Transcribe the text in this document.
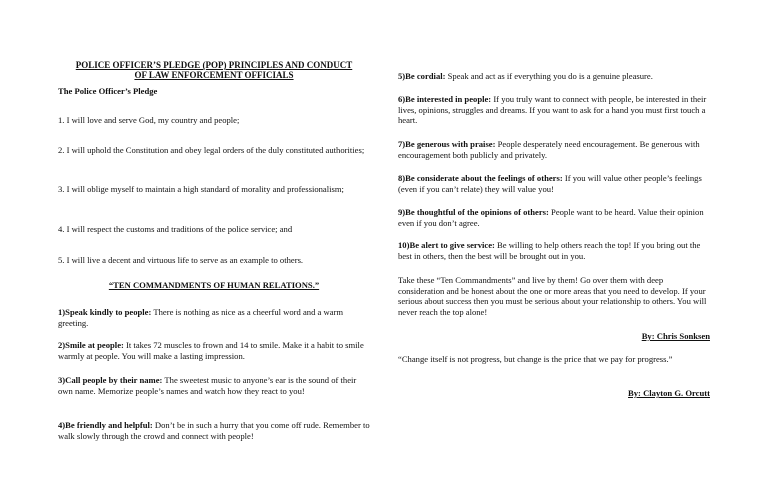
POLICE OFFICER’S PLEDGE (POP) PRINCIPLES AND CONDUCT
OF LAW ENFORCEMENT OFFICIALS
The Police Officer’s Pledge
1. I will love and serve God, my country and people;
2. I will uphold the Constitution and obey legal orders of the duly constituted authorities;
3. I will oblige myself to maintain a high standard of morality and professionalism;
4. I will respect the customs and traditions of the police service; and
5. I will live a decent and virtuous life to serve as an example to others.
“TEN COMMANDMENTS OF HUMAN RELATIONS.”
1)Speak kindly to people: There is nothing as nice as a cheerful word and a warm greeting.
2)Smile at people: It takes 72 muscles to frown and 14 to smile. Make it a habit to smile warmly at people. You will make a lasting impression.
3)Call people by their name: The sweetest music to anyone’s ear is the sound of their own name. Memorize people’s names and watch how they react to you!
4)Be friendly and helpful: Don’t be in such a hurry that you come off rude. Remember to walk slowly through the crowd and connect with people!
5)Be cordial: Speak and act as if everything you do is a genuine pleasure.
6)Be interested in people: If you truly want to connect with people, be interested in their lives, opinions, struggles and dreams. If you want to ask for a hand you must first touch a heart.
7)Be generous with praise: People desperately need encouragement. Be generous with encouragement both publicly and privately.
8)Be considerate about the feelings of others: If you will value other people’s feelings (even if you can’t relate) they will value you!
9)Be thoughtful of the opinions of others: People want to be heard. Value their opinion even if you don’t agree.
10)Be alert to give service: Be willing to help others reach the top! If you bring out the best in others, then the best will be brought out in you.
Take these “Ten Commandments” and live by them! Go over them with deep consideration and be honest about the one or more areas that you need to develop. If your serious about success then you must be serious about your relationship to others. You will never reach the top alone!
By: Chris Sonksen
“Change itself is not progress, but change is the price that we pay for progress.”
By: Clayton G. Orcutt
